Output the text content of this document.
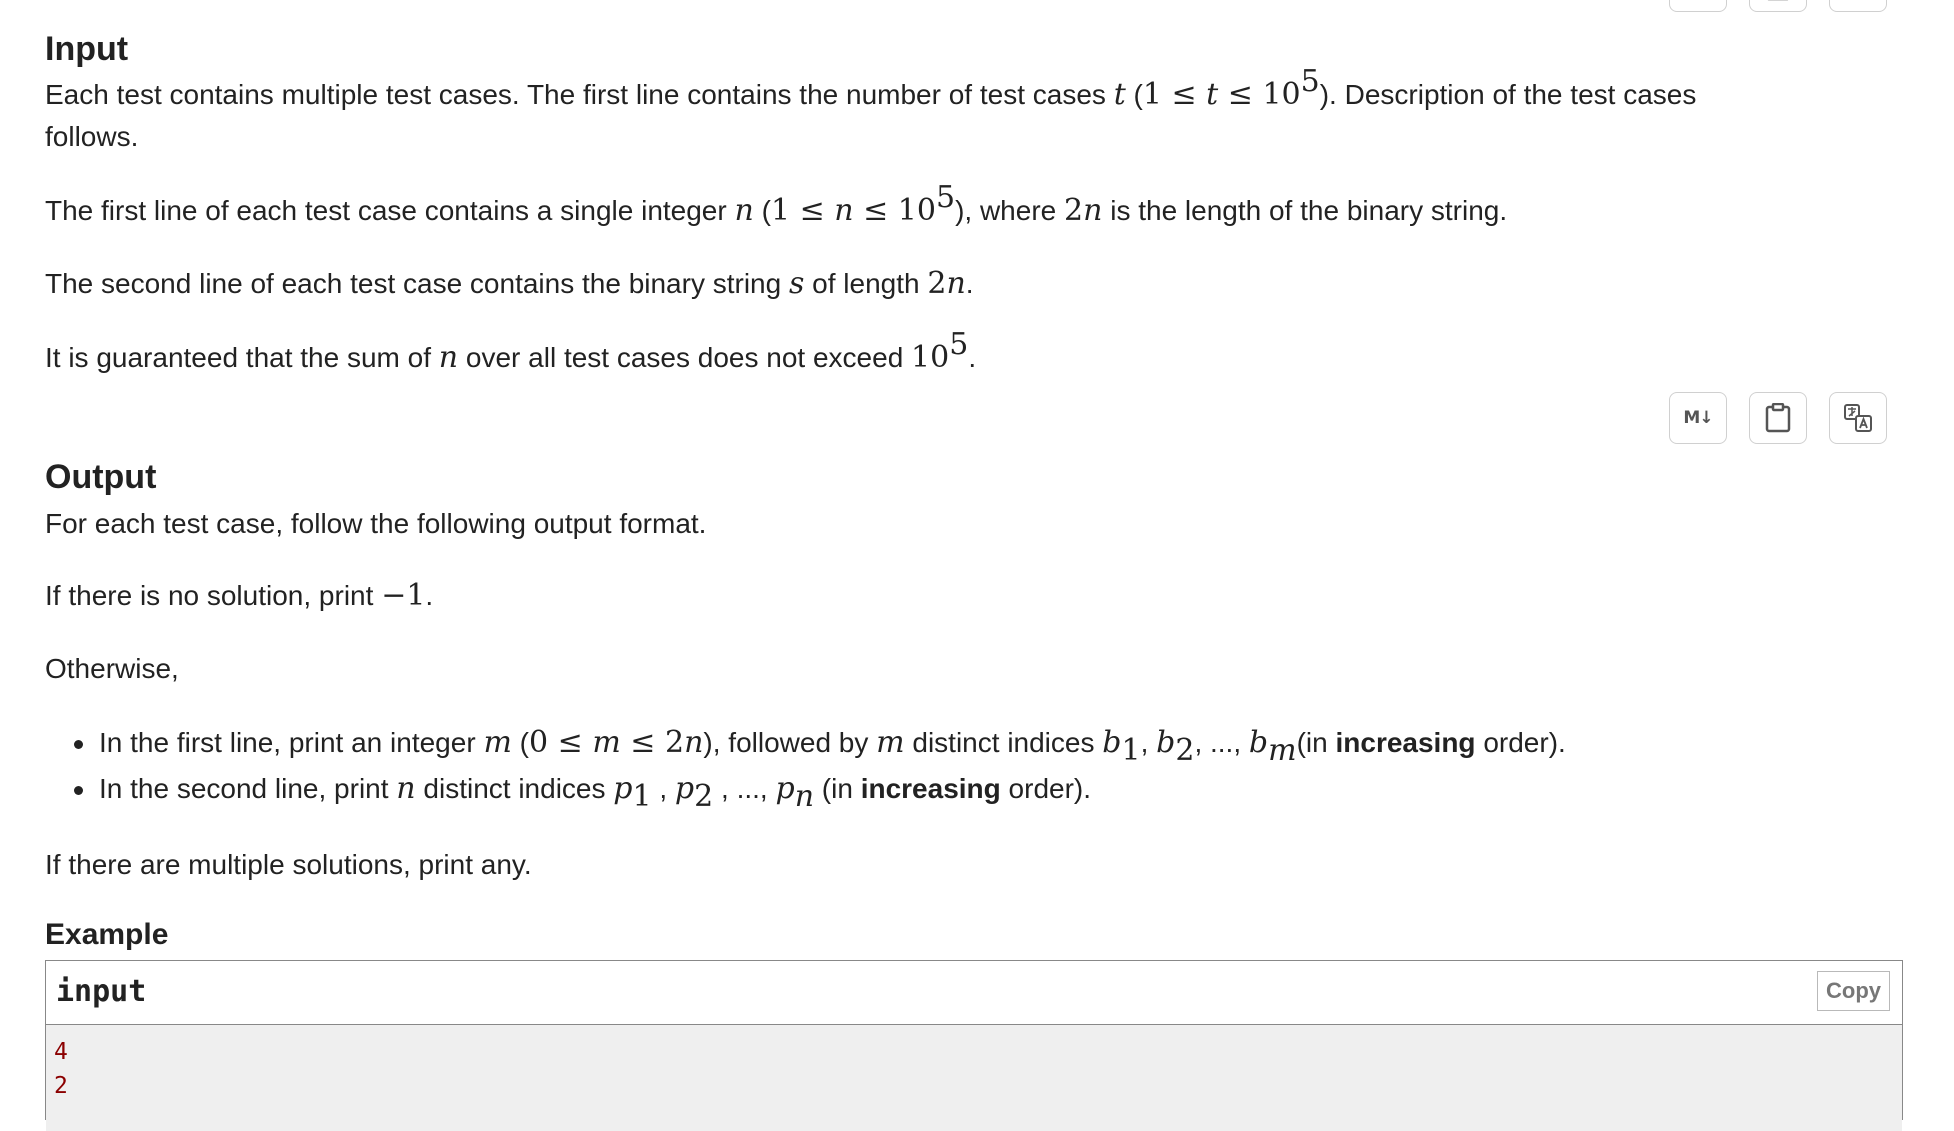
Input

Each test contains multiple test cases. The first line contains the number of test cases t $(1 \le t \le 10^5)$. Description of the test cases
follows.

The first line of each test case contains a single integer n $(1 \le n \le 10^5)$, where 2n is the length of the binary string.

The second line of each test case contains the binary string s of length 2n.

It is guaranteed that the sum of n over all test cases does not exceed $10^5$.

M↓
Output

For each test case, follow the following output format.

If there is no solution, print −1.

Otherwise,

In the first line, print an integer m (0 ≤ m ≤ 2n), followed by m distinct indices $b_1$, $b_2$, ..., $b_m(in$ increasing order).
In the second line, print n distinct indices $p_1$ , $p_2$ , ..., $p_n$ (in increasing order).

If there are multiple solutions, print any.

Example
input	Copy
4
2
